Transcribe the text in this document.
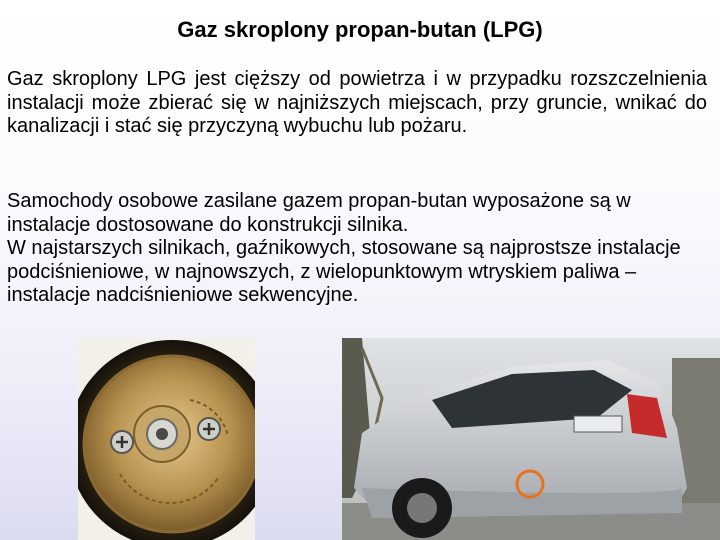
Gaz skroplony propan-butan (LPG)
Gaz skroplony LPG jest cięższy od powietrza i w przypadku rozszczelnienia instalacji może zbierać się w najniższych miejscach, przy gruncie, wnikać do kanalizacji i stać się przyczyną wybuchu lub pożaru.
Samochody osobowe zasilane gazem propan-butan wyposażone są w instalacje dostosowane do konstrukcji silnika.
W najstarszych silnikach, gaźnikowych, stosowane są najprostsze instalacje podciśnieniowe, w najnowszych, z wielopunktowym wtryskiem paliwa – instalacje nadciśnieniowe sekwencyjne.
